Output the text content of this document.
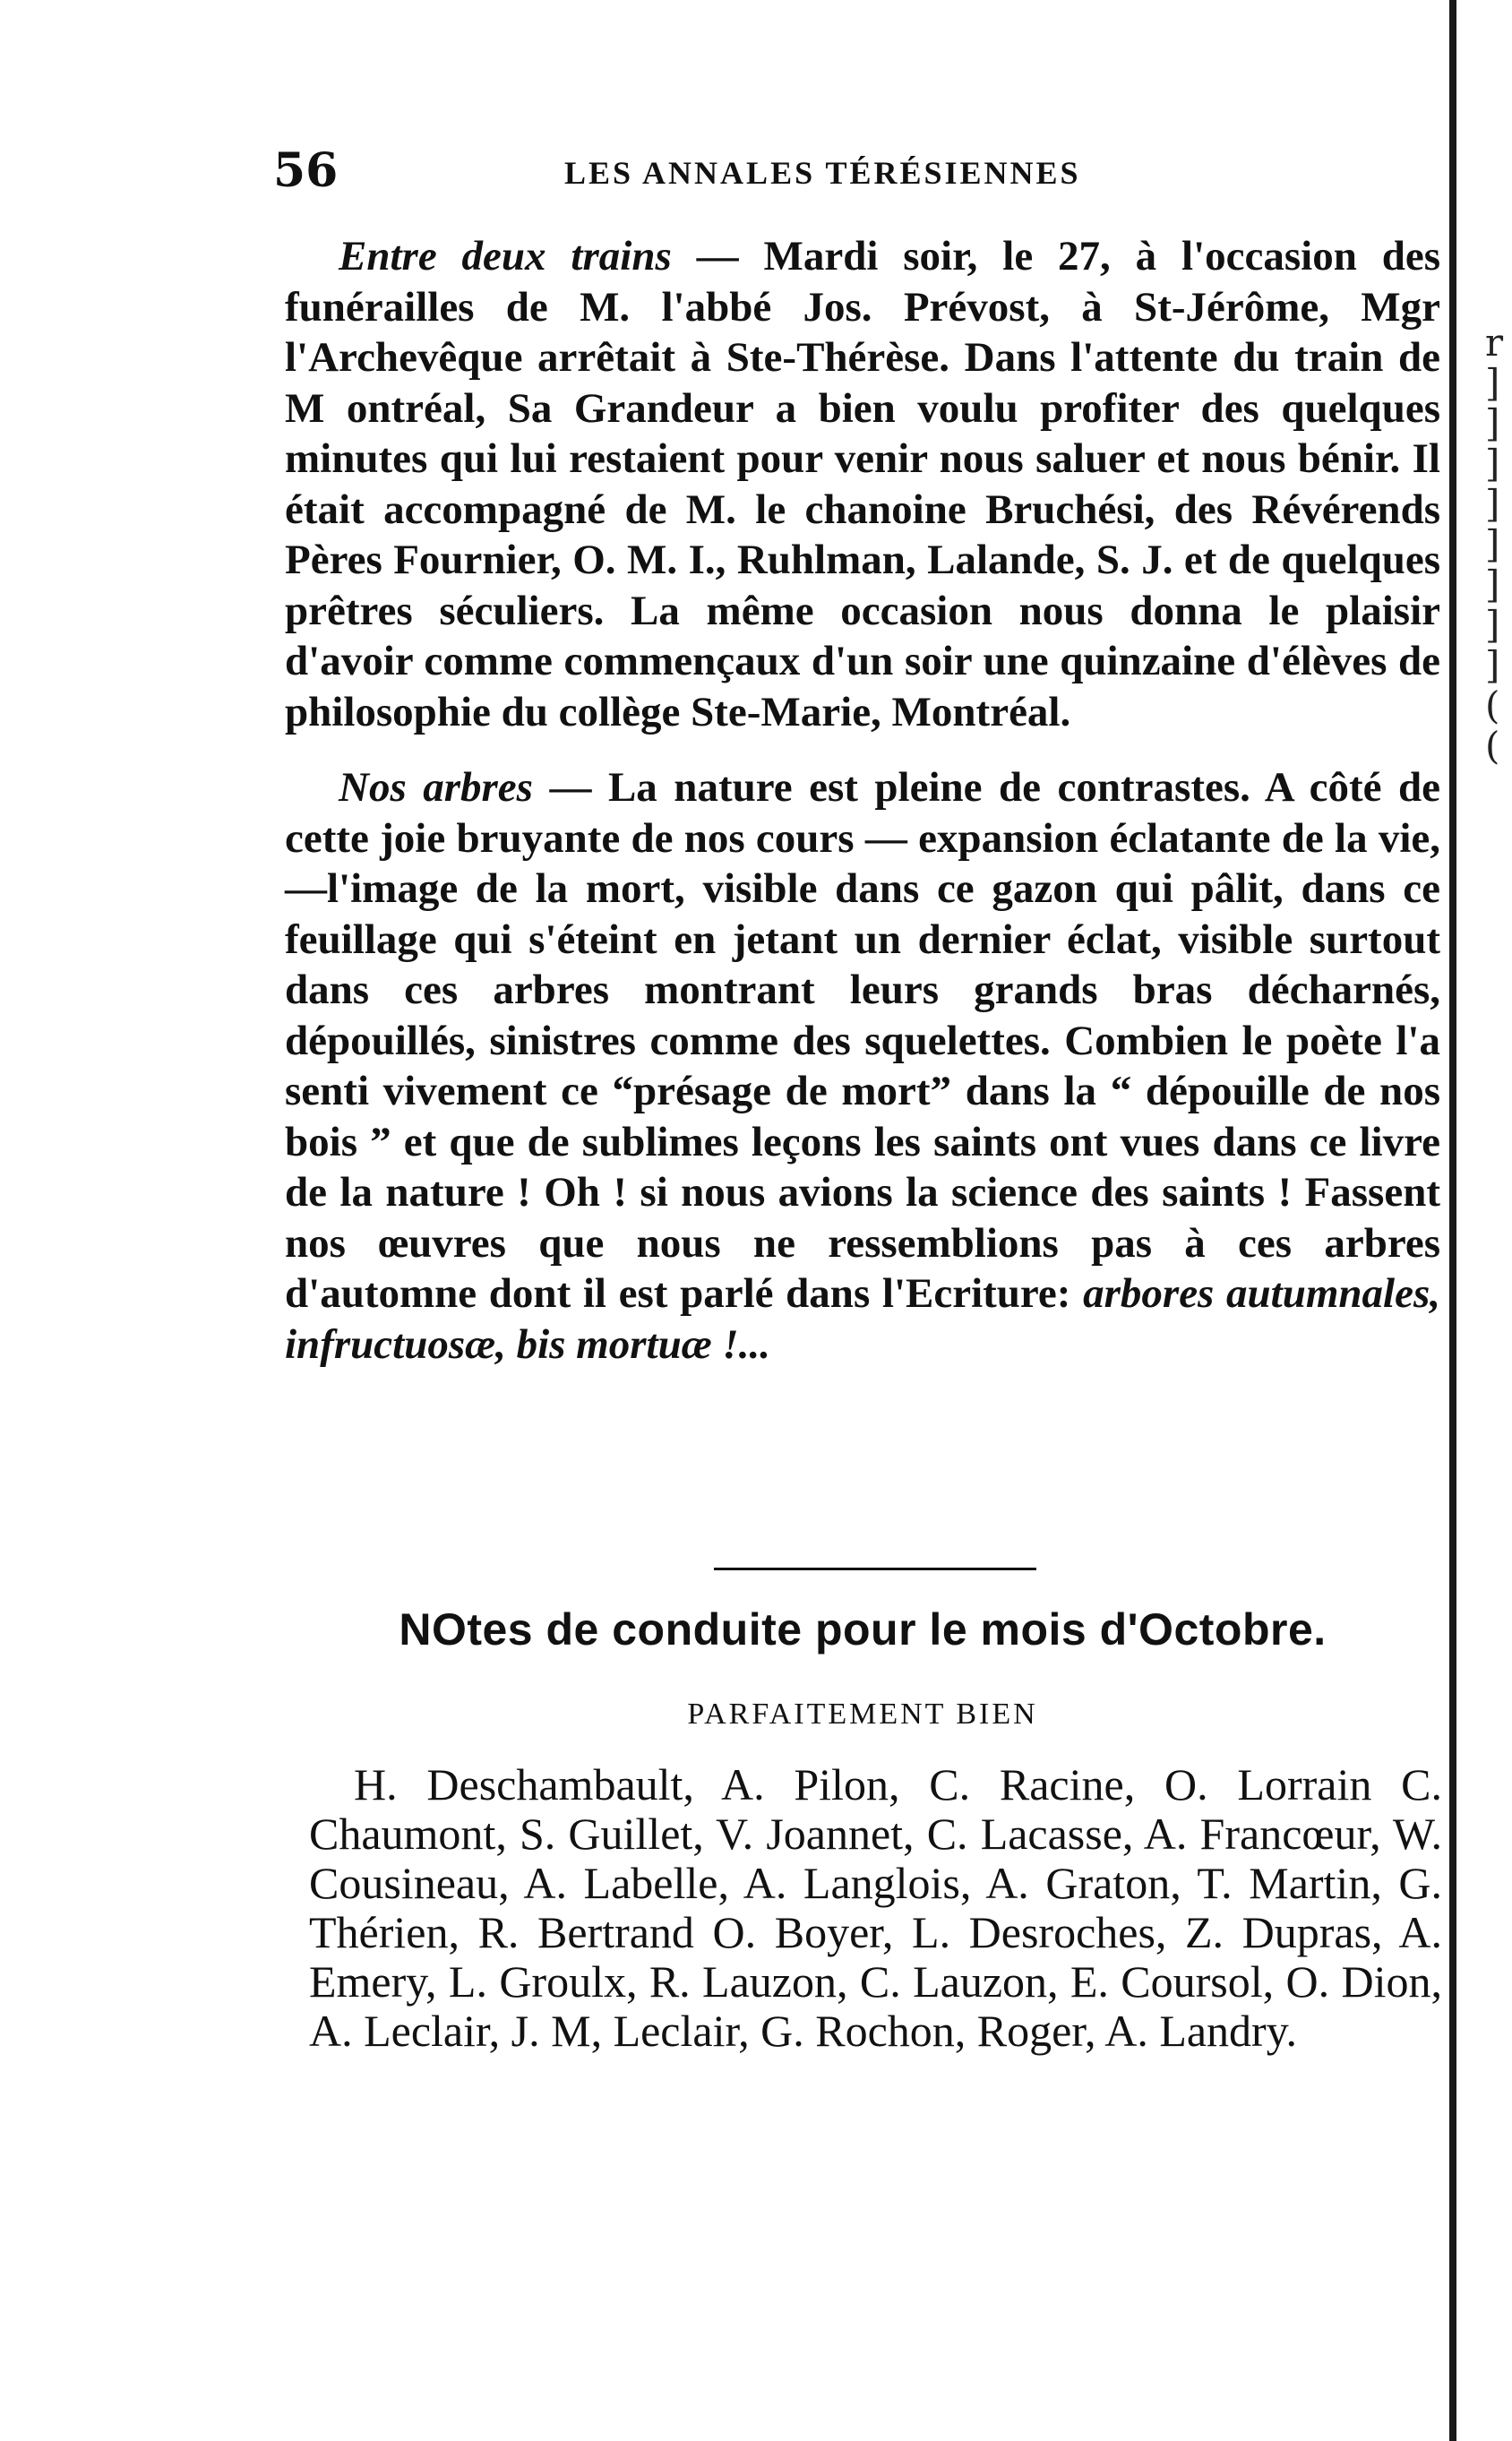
r
]
]
]
]
]
]
]
]
(
(
56	LES ANNALES TÉRÉSIENNES

Entre deux trains — Mardi soir, le 27, à l'occasion des funérailles de M. l'abbé Jos. Prévost, à St-Jérôme, Mgr l'Archevêque arrêtait à Ste-Thérèse. Dans l'attente du train de M ontréal, Sa Grandeur a bien voulu profiter des quelques minutes qui lui restaient pour venir nous saluer et nous bénir. Il était accompagné de M. le chanoine Bruchési, des Révérends Pères Fournier, O. M. I., Ruhlman, Lalande, S. J. et de quelques prêtres séculiers. La même occasion nous donna le plaisir d'avoir comme commençaux d'un soir une quinzaine d'élèves de philosophie du collège Ste-Marie, Montréal.

Nos arbres — La nature est pleine de contrastes. A côté de cette joie bruyante de nos cours — expansion éclatante de la vie,—l'image de la mort, visible dans ce gazon qui pâlit, dans ce feuillage qui s'éteint en jetant un dernier éclat, visible surtout dans ces arbres montrant leurs grands bras décharnés, dépouillés, sinistres comme des squelettes. Combien le poète l'a senti vivement ce “présage de mort” dans la “ dépouille de nos bois ” et que de sublimes leçons les saints ont vues dans ce livre de la nature ! Oh ! si nous avions la science des saints ! Fassent nos œuvres que nous ne ressemblions pas à ces arbres d'automne dont il est parlé dans l'Ecriture: arbores autumnales, infructuosæ, bis mortuæ !...

NOtes de conduite pour le mois d'Octobre.
PARFAITEMENT BIEN
H. Deschambault, A. Pilon, C. Racine, O. Lorrain C. Chaumont, S. Guillet, V. Joannet, C. Lacasse, A. Francœur, W. Cousineau, A. Labelle, A. Langlois, A. Graton, T. Martin, G. Thérien, R. Bertrand O. Boyer, L. Desroches, Z. Dupras, A. Emery, L. Groulx, R. Lauzon, C. Lauzon, E. Coursol, O. Dion, A. Leclair, J. M, Leclair, G. Rochon, Roger, A. Landry.
